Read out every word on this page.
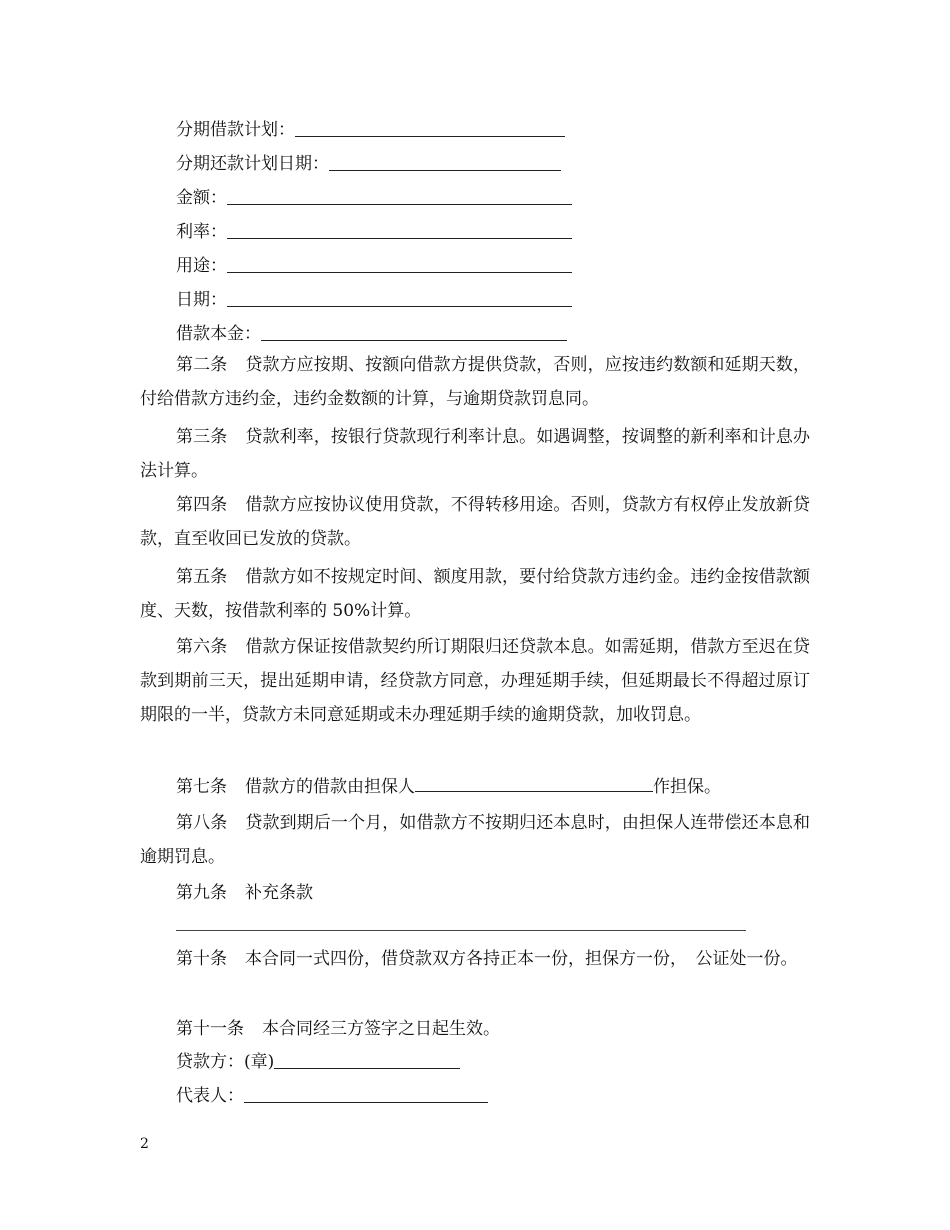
分期借款计划：
分期还款计划日期：
金额：
利率：
用途：
日期：
借款本金：
第二条 贷款方应按期、按额向借款方提供贷款，否则，应按违约数额和延期天数，付给借款方违约金，违约金数额的计算，与逾期贷款罚息同。
第三条 贷款利率，按银行贷款现行利率计息。如遇调整，按调整的新利率和计息办法计算。
第四条 借款方应按协议使用贷款，不得转移用途。否则，贷款方有权停止发放新贷款，直至收回已发放的贷款。
第五条 借款方如不按规定时间、额度用款，要付给贷款方违约金。违约金按借款额度、天数，按借款利率的 50%计算。
第六条 借款方保证按借款契约所订期限归还贷款本息。如需延期，借款方至迟在贷款到期前三天，提出延期申请，经贷款方同意，办理延期手续，但延期最长不得超过原订期限的一半，贷款方未同意延期或未办理延期手续的逾期贷款，加收罚息。
第七条 借款方的借款由担保人	作担保。
第八条 贷款到期后一个月，如借款方不按期归还本息时，由担保人连带偿还本息和逾期罚息。
第九条 补充条款
第十条 本合同一式四份，借贷款双方各持正本一份，担保方一份，　公证处一份。
第十一条 本合同经三方签字之日起生效。
贷款方：(章)
代表人：
2
